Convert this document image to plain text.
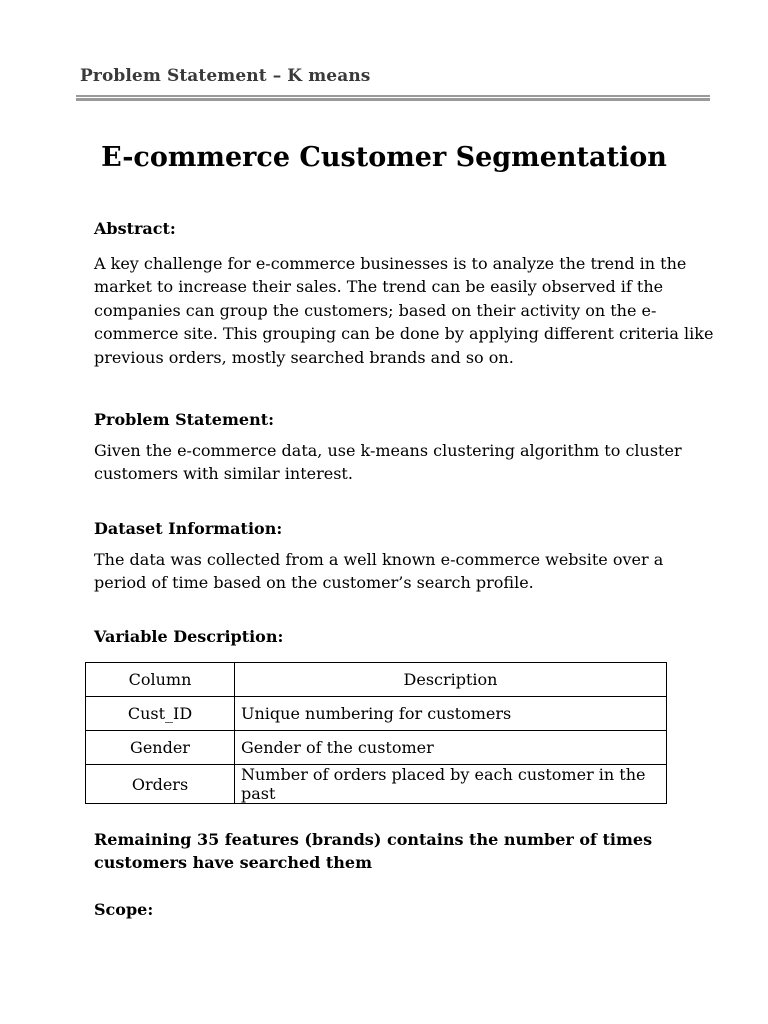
Problem Statement – K means
E-commerce Customer Segmentation
Abstract:

A key challenge for e-commerce businesses is to analyze the trend in the
market to increase their sales. The trend can be easily observed if the
companies can group the customers; based on their activity on the e-
commerce site. This grouping can be done by applying different criteria like
previous orders, mostly searched brands and so on.

Problem Statement:

Given the e-commerce data, use k-means clustering algorithm to cluster
customers with similar interest.

Dataset Information:

The data was collected from a well known e-commerce website over a
period of time based on the customer’s search profile.

Variable Description:
Column	Description
Cust_ID	Unique numbering for customers
Gender	Gender of the customer
Orders	Number of orders placed by each customer in the past

Remaining 35 features (brands) contains the number of times
customers have searched them

Scope:
